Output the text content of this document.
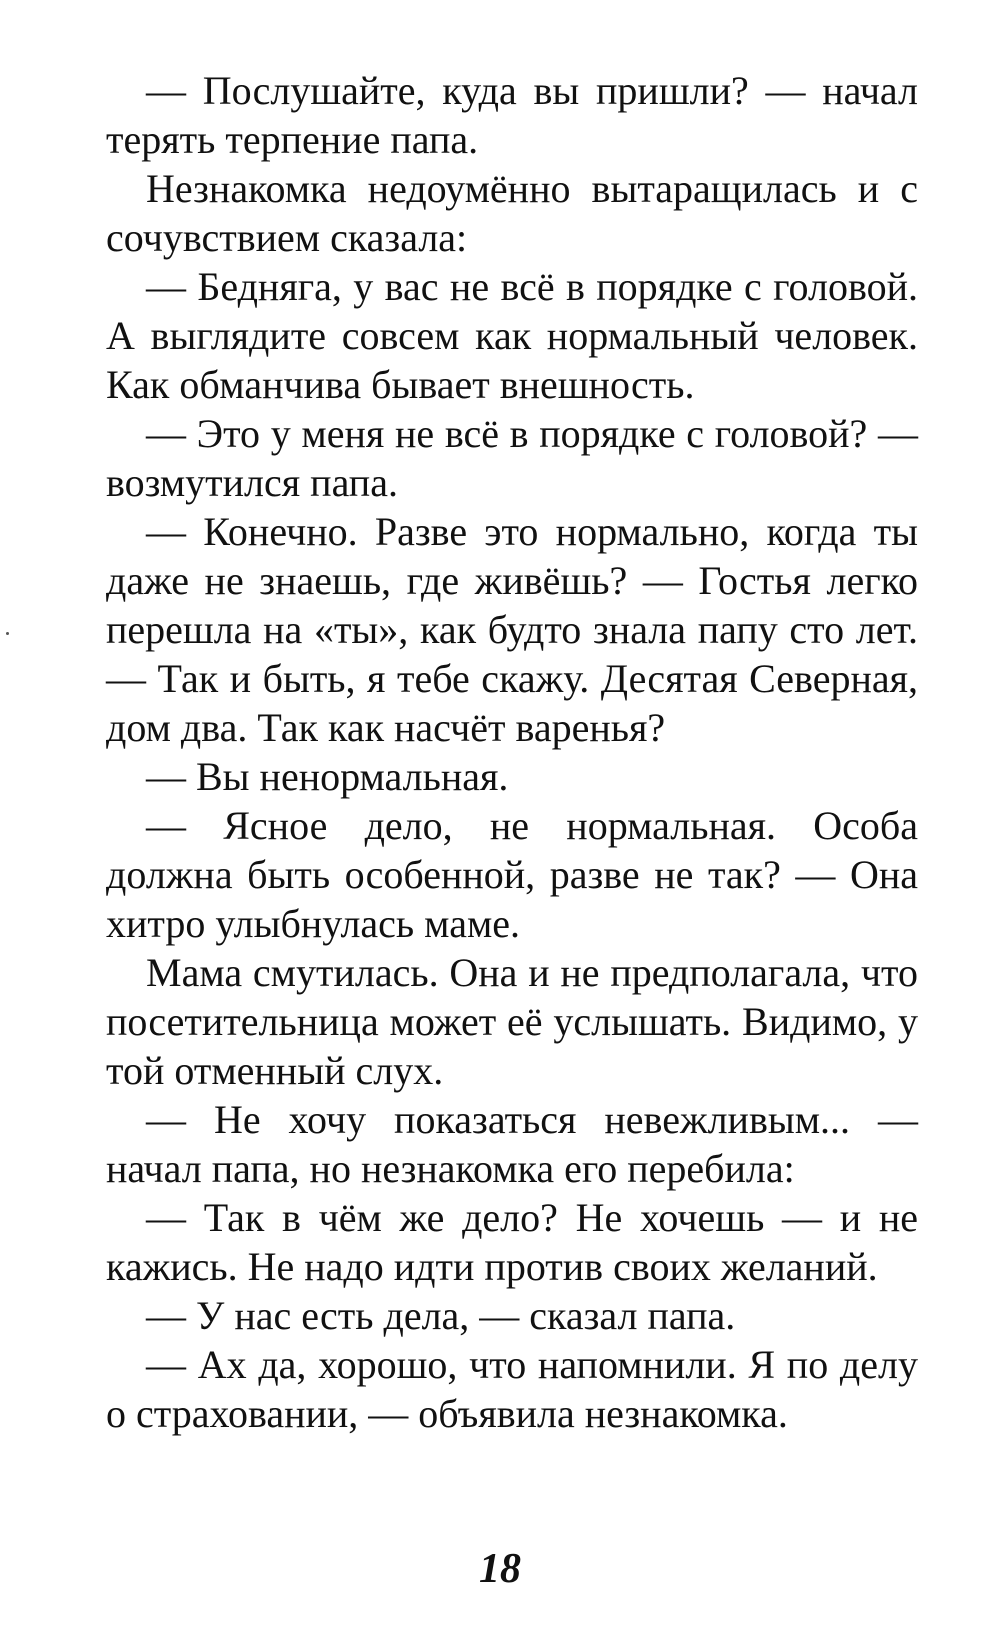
— Послушайте, куда вы пришли? — начал терять терпение папа.

Незнакомка недоумённо вытаращилась и с сочувствием сказала:

— Бедняга, у вас не всё в порядке с головой. А выглядите совсем как нормальный человек. Как обманчива бывает внешность.

— Это у меня не всё в порядке с головой? — возмутился папа.

— Конечно. Разве это нормально, когда ты даже не знаешь, где живёшь? — Гостья легко перешла на «ты», как будто знала папу сто лет. — Так и быть, я тебе скажу. Десятая Северная, дом два. Так как насчёт варенья?

— Вы ненормальная.

— Ясное дело, не нормальная. Особа должна быть особенной, разве не так? — Она хитро улыбнулась маме.

Мама смутилась. Она и не предполагала, что посетительница может её услышать. Видимо, у той отменный слух.

— Не хочу показаться невежливым... — начал папа, но незнакомка его перебила:

— Так в чём же дело? Не хочешь — и не кажись. Не надо идти против своих желаний.

— У нас есть дела, — сказал папа.

— Ах да, хорошо, что напомнили. Я по делу о страховании, — объявила незнакомка.

18
